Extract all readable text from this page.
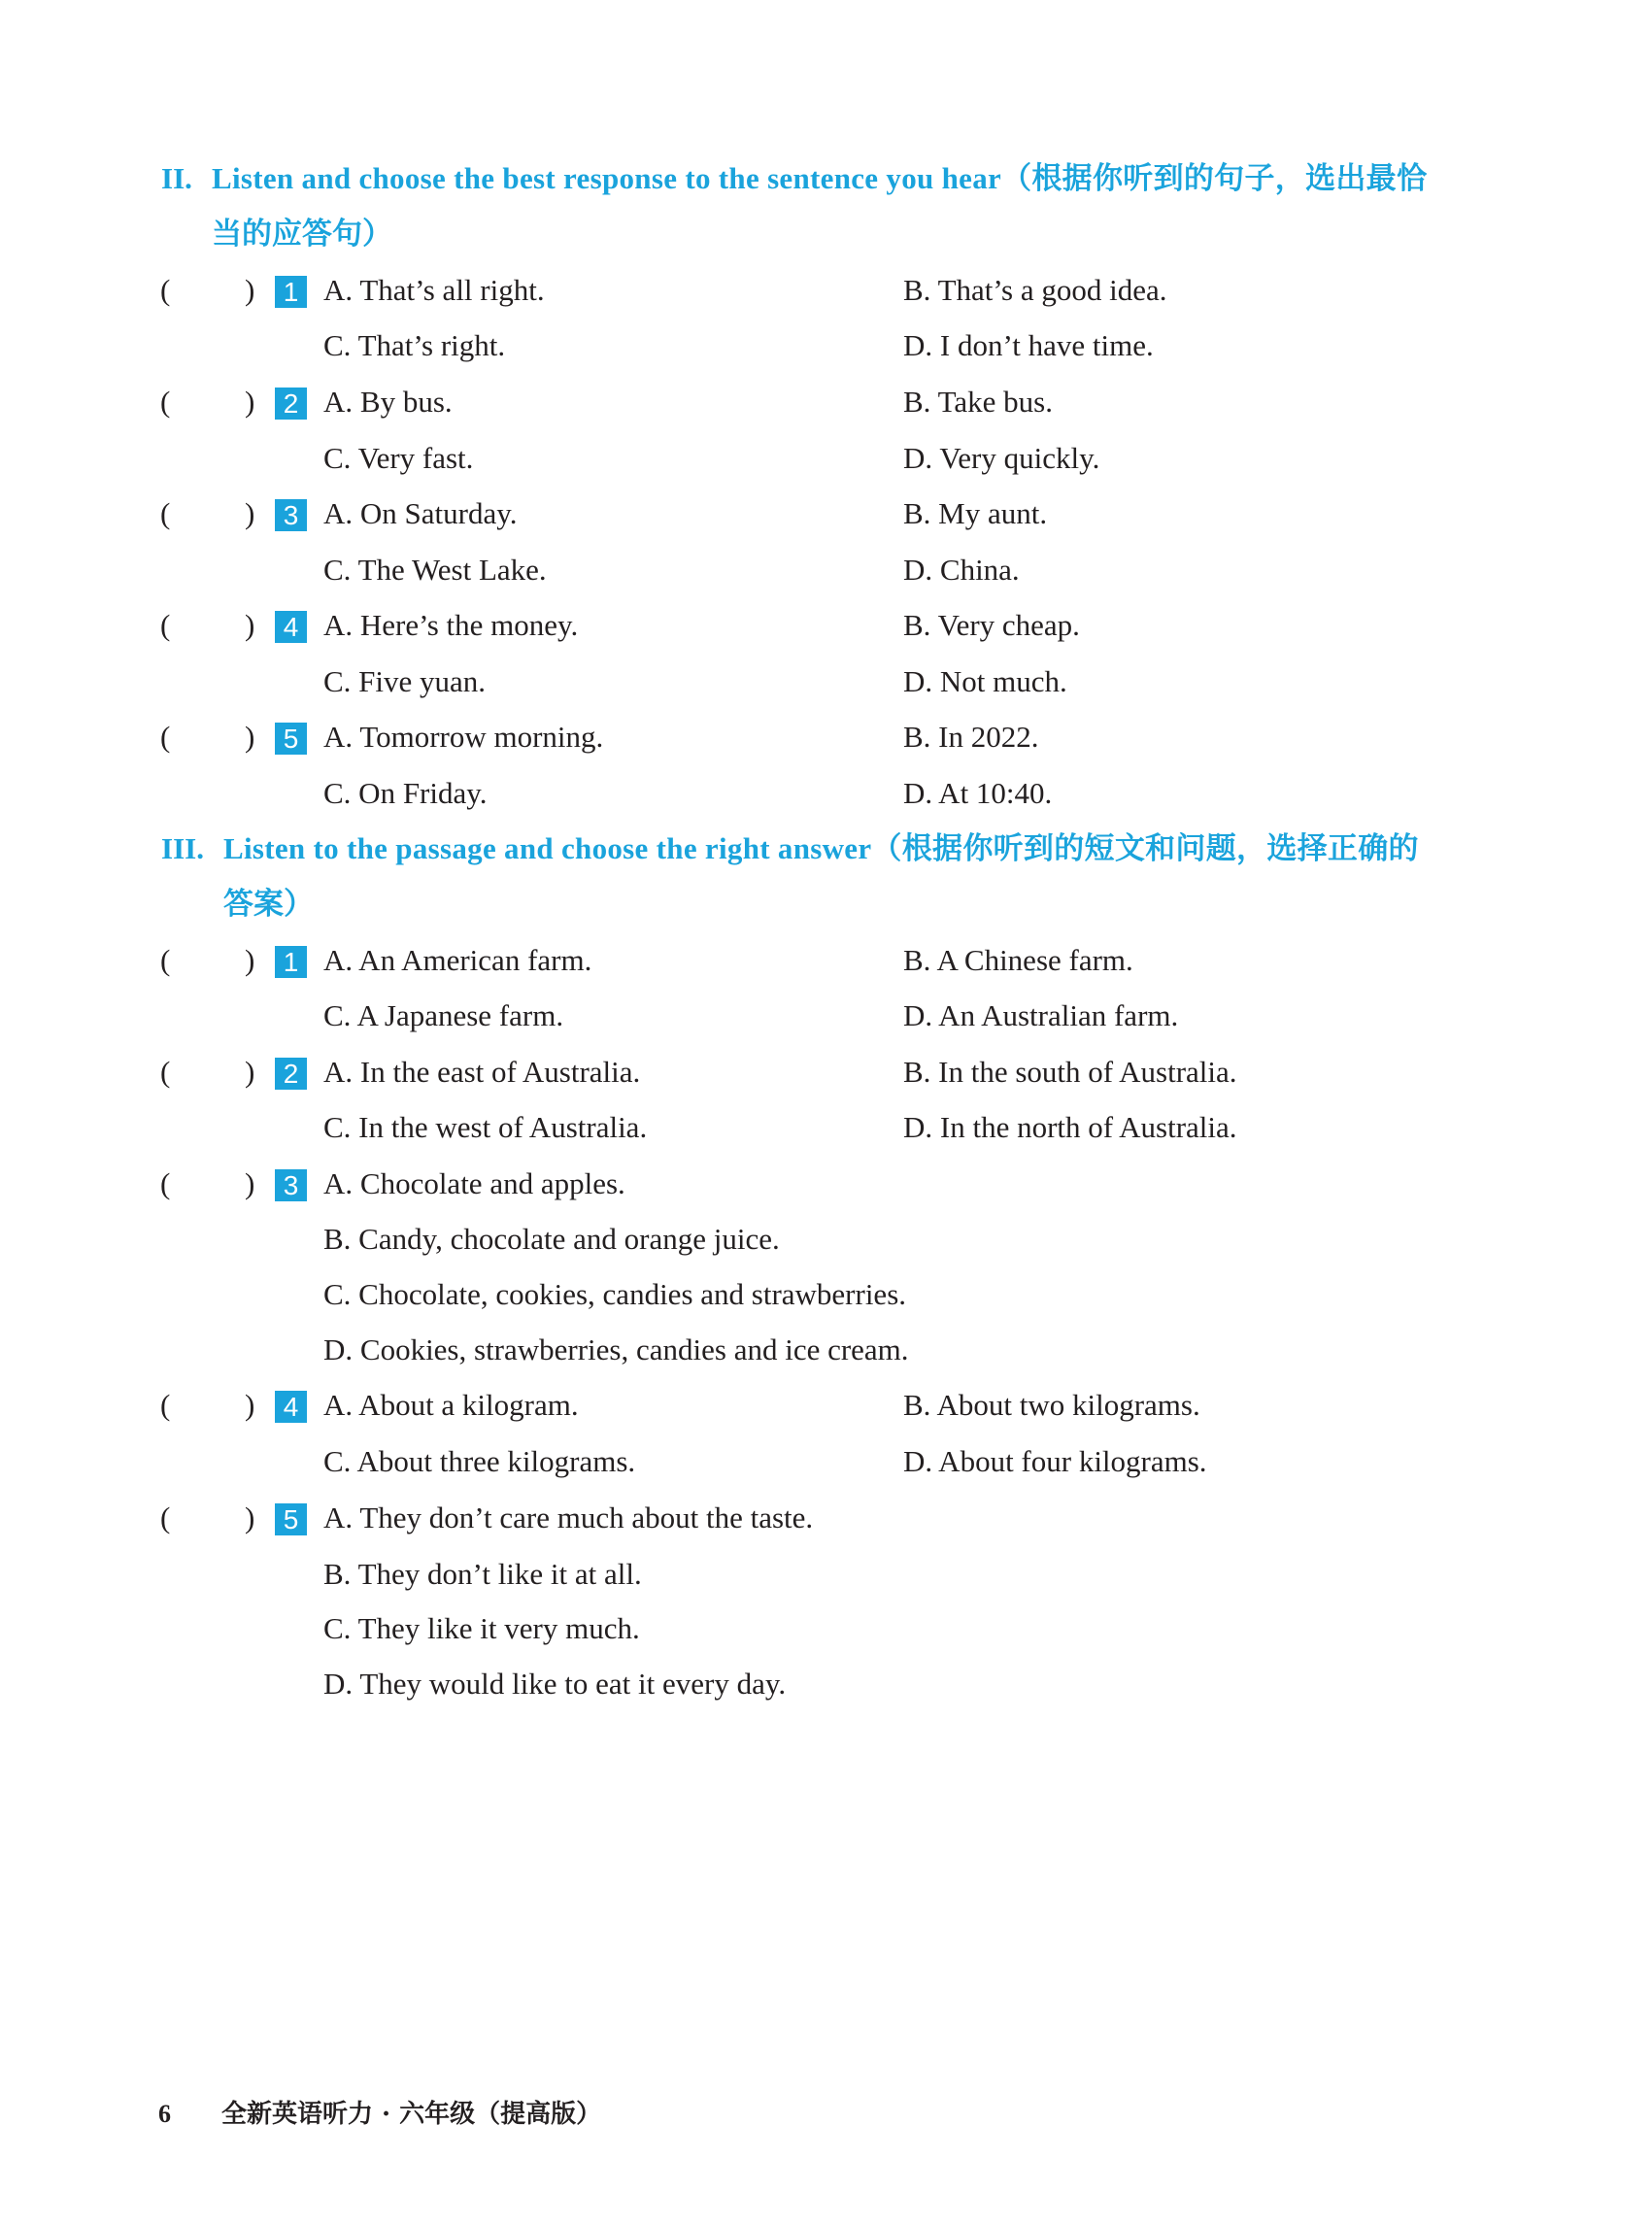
II. Listen and choose the best response to the sentence you hear（根据你听到的句子，选出最恰
当的应答句）
( )	1 A. That’s all right.	B. That’s a good idea.
C. That’s right.	D. I don’t have time.
( )	2 A. By bus.	B. Take bus.
C. Very fast.	D. Very quickly.
( )	3 A. On Saturday.	B. My aunt.
C. The West Lake.	D. China.
( )	4 A. Here’s the money.	B. Very cheap.
C. Five yuan.	D. Not much.
( )	5 A. Tomorrow morning.	B. In 2022.
C. On Friday.	D. At 10:40.
III. Listen to the passage and choose the right answer（根据你听到的短文和问题，选择正确的
答案）
( )	1 A. An American farm.	B. A Chinese farm.
C. A Japanese farm.	D. An Australian farm.
( )	2 A. In the east of Australia.	B. In the south of Australia.
C. In the west of Australia.	D. In the north of Australia.
( )	3 A. Chocolate and apples.
B. Candy, chocolate and orange juice.
C. Chocolate, cookies, candies and strawberries.
D. Cookies, strawberries, candies and ice cream.
( )	4 A. About a kilogram.	B. About two kilograms.
C. About three kilograms.	D. About four kilograms.
( )	5 A. They don’t care much about the taste.
B. They don’t like it at all.
C. They like it very much.
D. They would like to eat it every day.
6 全新英语听力 · 六年级（提高版）
